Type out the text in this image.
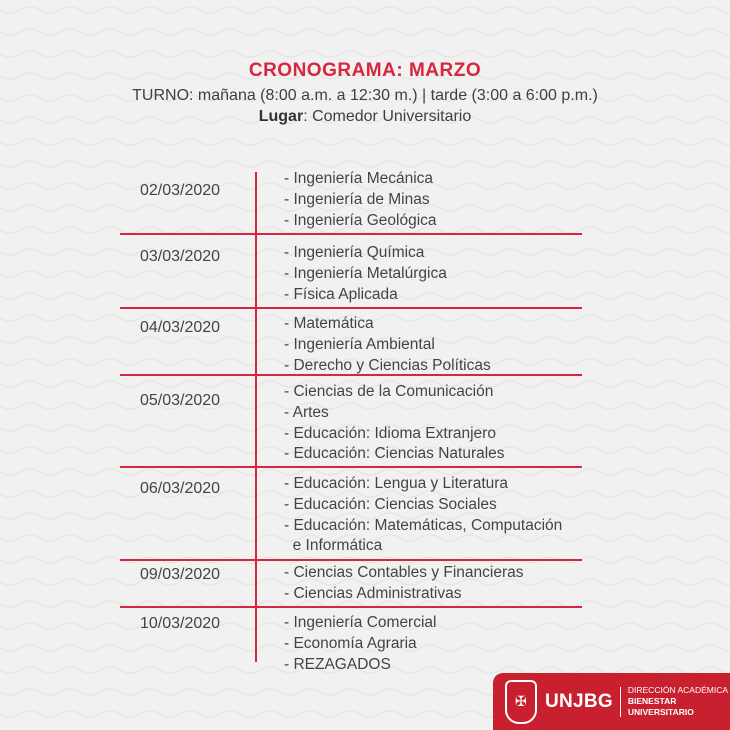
CRONOGRAMA: MARZO
TURNO: mañana (8:00 a.m. a 12:30 m.) | tarde (3:00 a 6:00 p.m.)
Lugar: Comedor Universitario
02/03/2020
- Ingeniería Mecánica
- Ingeniería de Minas
- Ingeniería Geológica
03/03/2020	- Ingeniería Química
- Ingeniería Metalúrgica
- Física Aplicada
04/03/2020	- Matemática
- Ingeniería Ambiental
- Derecho y Ciencias Políticas
05/03/2020
- Ciencias de la Comunicación
- Artes
- Educación: Idioma Extranjero
- Educación: Ciencias Naturales
06/03/2020	- Educación: Lengua y Literatura
- Educación: Ciencias Sociales
- Educación: Matemáticas, Computación
e Informática
09/03/2020	- Ciencias Contables y Financieras
- Ciencias Administrativas
10/03/2020	- Ingeniería Comercial
- Economía Agraria
- REZAGADOS
✠ UNJBG
DIRECCIÓN ACADÉMICA
BIENESTAR UNIVERSITARIO
